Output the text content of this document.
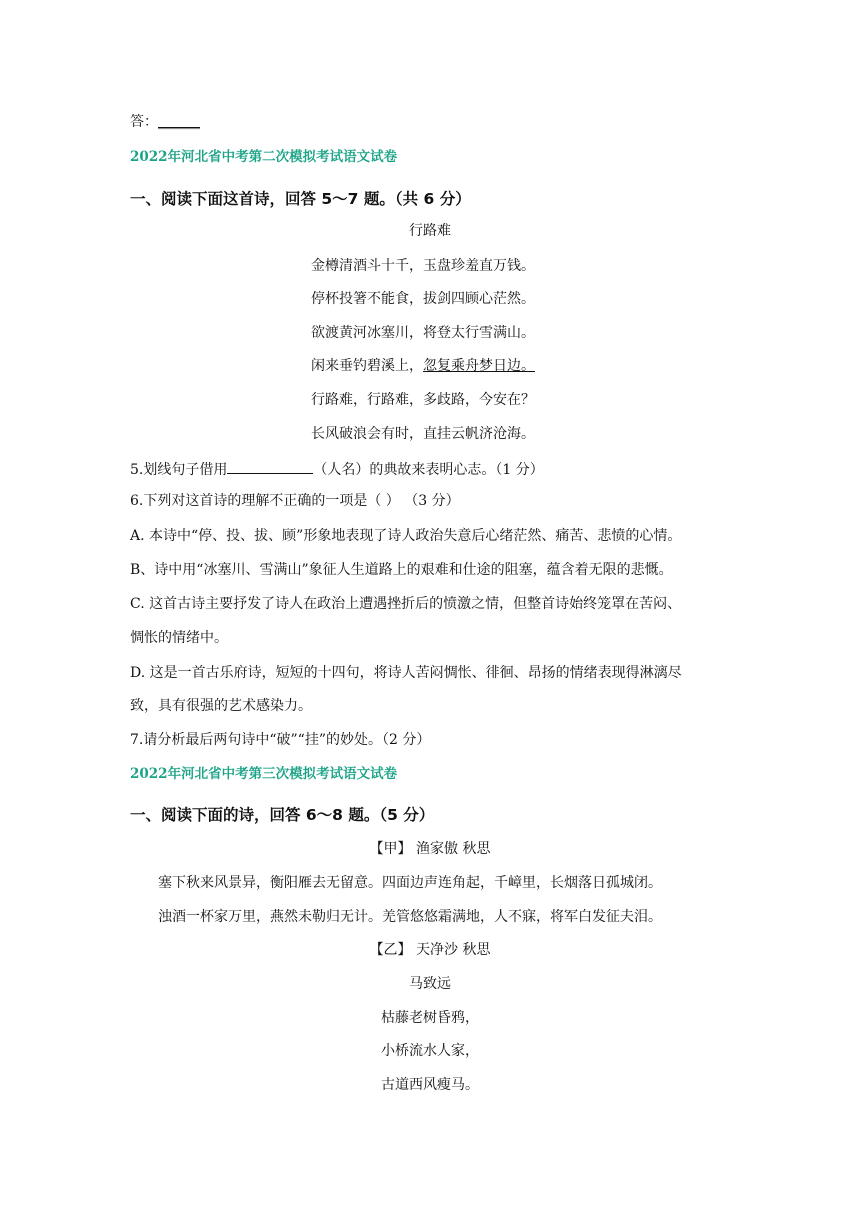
答：______
2022年河北省中考第二次模拟考试语文试卷
一、阅读下面这首诗，回答 5～7 题。（共 6 分）
行路难
金樽清酒斗十千，玉盘珍羞直万钱。
停杯投箸不能食，拔剑四顾心茫然。
欲渡黄河冰塞川，将登太行雪满山。
闲来垂钓碧溪上，忽复乘舟梦日边。
行路难，行路难，多歧路，今安在？
长风破浪会有时，直挂云帆济沧海。
5.划线句子借用	（人名）的典故来表明心志。（1 分）
6.下列对这首诗的理解不正确的一项是（ ） （3 分）
A. 本诗中“停、投、拔、顾”形象地表现了诗人政治失意后心绪茫然、痛苦、悲愤的心情。
B、诗中用“冰塞川、雪满山”象征人生道路上的艰难和仕途的阻塞，蕴含着无限的悲慨。
C. 这首古诗主要抒发了诗人在政治上遭遇挫折后的愤激之情，但整首诗始终笼罩在苦闷、
惆怅的情绪中。
D. 这是一首古乐府诗，短短的十四句，将诗人苦闷惆怅、徘徊、昂扬的情绪表现得淋漓尽
致，具有很强的艺术感染力。
7.请分析最后两句诗中“破”“挂”的妙处。（2 分）
2022年河北省中考第三次模拟考试语文试卷
一、阅读下面的诗，回答 6～8 题。（5 分）
【甲】 渔家傲 秋思
塞下秋来风景异，衡阳雁去无留意。四面边声连角起，千嶂里，长烟落日孤城闭。
浊酒一杯家万里，燕然未勒归无计。羌管悠悠霜满地，人不寐，将军白发征夫泪。
【乙】 天净沙 秋思
马致远
枯藤老树昏鸦，
小桥流水人家，
古道西风瘦马。
